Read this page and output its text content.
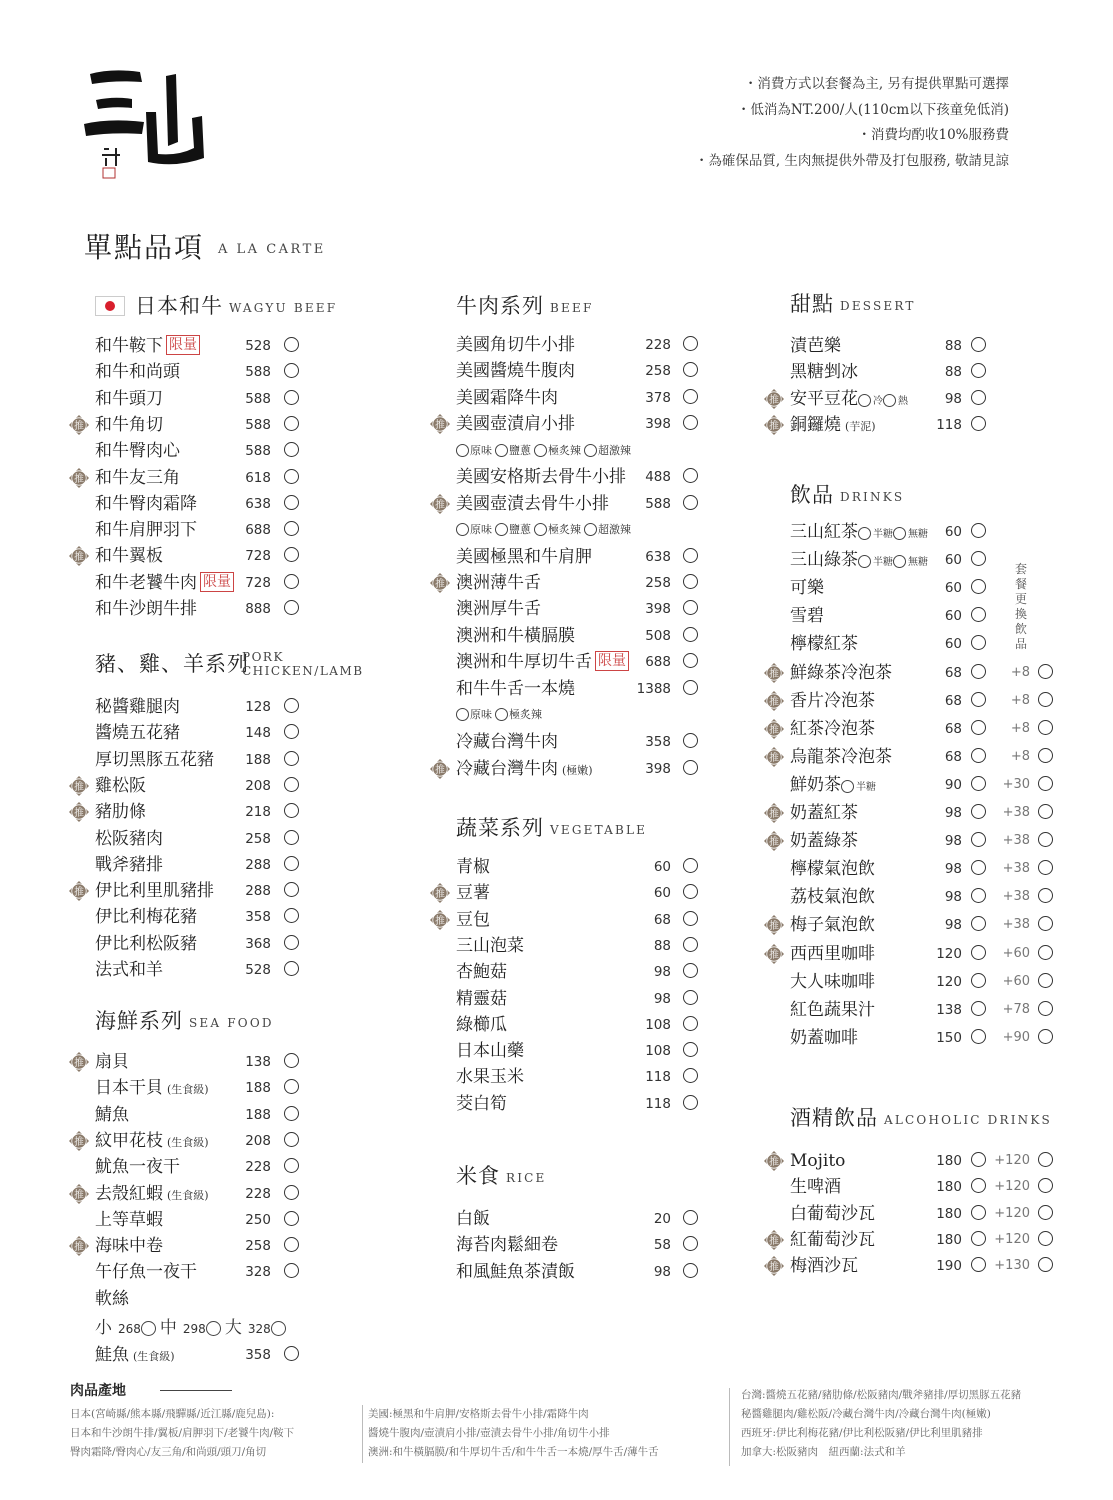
・消費方式以套餐為主, 另有提供單點可選擇
・低消為NT.200/人(110cm以下孩童免低消)
・消費均酌收10%服務費
・為確保品質, 生肉無提供外帶及打包服務, 敬請見諒
單點品項 A LA CARTE
日本和牛 WAGYU BEEF
豬、雞、羊系列
PORK
CHICKEN/LAMB
海鮮系列 SEA FOOD
牛肉系列 BEEF
蔬菜系列 VEGETABLE
米食 RICE
甜點 DESSERT
飲品 DRINKS
酒精飲品 ALCOHOLIC DRINKS
套餐更換飲品
和牛鞍下 限量	528
和牛和尚頭	588
和牛頭刀	588
推 和牛角切	588
和牛臀肉心	588
推 和牛友三角	618
和牛臀肉霜降	638
和牛肩胛羽下	688
推 和牛翼板	728
和牛老饕牛肉 限量	728
和牛沙朗牛排	888
秘醬雞腿肉	128
醬燒五花豬	148
厚切黑豚五花豬	188
推 雞松阪	208
推 豬肋條	218
松阪豬肉	258
戰斧豬排	288
推 伊比利里肌豬排	288
伊比利梅花豬	358
伊比利松阪豬	368
法式和羊	528
推 扇貝	138
日本干貝 (生食級)	188
鯖魚	188
推 紋甲花枝 (生食級)	208
魷魚一夜干	228
推 去殼紅蝦 (生食級)	228
上等草蝦	250
推 海味中卷	258
午仔魚一夜干	328
軟絲
小 268 中 298 大 328
鮭魚 (生食級)	358
美國角切牛小排	228
美國醬燒牛腹肉	258
美國霜降牛肉	378
推 美國壺漬肩小排	398
美國安格斯去骨牛小排	488
推 美國壺漬去骨牛小排	588
美國極黑和牛肩胛	638
推 澳洲薄牛舌	258
澳洲厚牛舌	398
澳洲和牛橫膈膜	508
澳洲和牛厚切牛舌 限量	688
和牛牛舌一本燒	1388
冷藏台灣牛肉	358
推 冷藏台灣牛肉 (極嫩)	398
原味 鹽蔥 極炙辣 超激辣
原味 鹽蔥 極炙辣 超激辣
原味 極炙辣
青椒	60
推 豆薯	60
推 豆包	68
三山泡菜	88
杏鮑菇	98
精靈菇	98
綠櫛瓜	108
日本山藥	108
水果玉米	118
茭白筍	118
白飯	20
海苔肉鬆細卷	58
和風鮭魚茶漬飯	98
漬芭樂	88
黑糖剉冰	88
推 安平豆花 冷 熱	98
推 銅鑼燒 (芋泥)	118
三山紅茶 半糖 無糖	60
三山綠茶 半糖 無糖	60
可樂	60
雪碧	60
檸檬紅茶	60
推 鮮綠茶冷泡茶	68	+8
推 香片冷泡茶	68	+8
推 紅茶冷泡茶	68	+8
推 烏龍茶冷泡茶	68	+8
鮮奶茶 半糖	90	+30
推 奶蓋紅茶	98	+38
推 奶蓋綠茶	98	+38
檸檬氣泡飲	98	+38
荔枝氣泡飲	98	+38
推 梅子氣泡飲	98	+38
推 西西里咖啡	120	+60
大人味咖啡	120	+60
紅色蔬果汁	138	+78
奶蓋咖啡	150	+90
推 Mojito	180	+120
生啤酒	180	+120
白葡萄沙瓦	180	+120
推 紅葡萄沙瓦	180	+120
推 梅酒沙瓦	190	+130
肉品產地
日本(宮崎縣/熊本縣/飛驒縣/近江縣/鹿兒島):
日本和牛沙朗牛排/翼板/肩胛羽下/老饕牛肉/鞍下
臀肉霜降/臀肉心/友三角/和尚頭/頭刀/角切
美國:極黑和牛肩胛/安格斯去骨牛小排/霜降牛肉
醬燒牛腹肉/壺漬肩小排/壺漬去骨牛小排/角切牛小排
澳洲:和牛橫膈膜/和牛厚切牛舌/和牛牛舌一本燒/厚牛舌/薄牛舌
台灣:醬燒五花豬/豬肋條/松阪豬肉/戰斧豬排/厚切黑豚五花豬
秘醬雞腿肉/雞松阪/冷藏台灣牛肉/冷藏台灣牛肉(極嫩)
西班牙:伊比利梅花豬/伊比利松阪豬/伊比利里肌豬排
加拿大:松阪豬肉　紐西蘭:法式和羊
